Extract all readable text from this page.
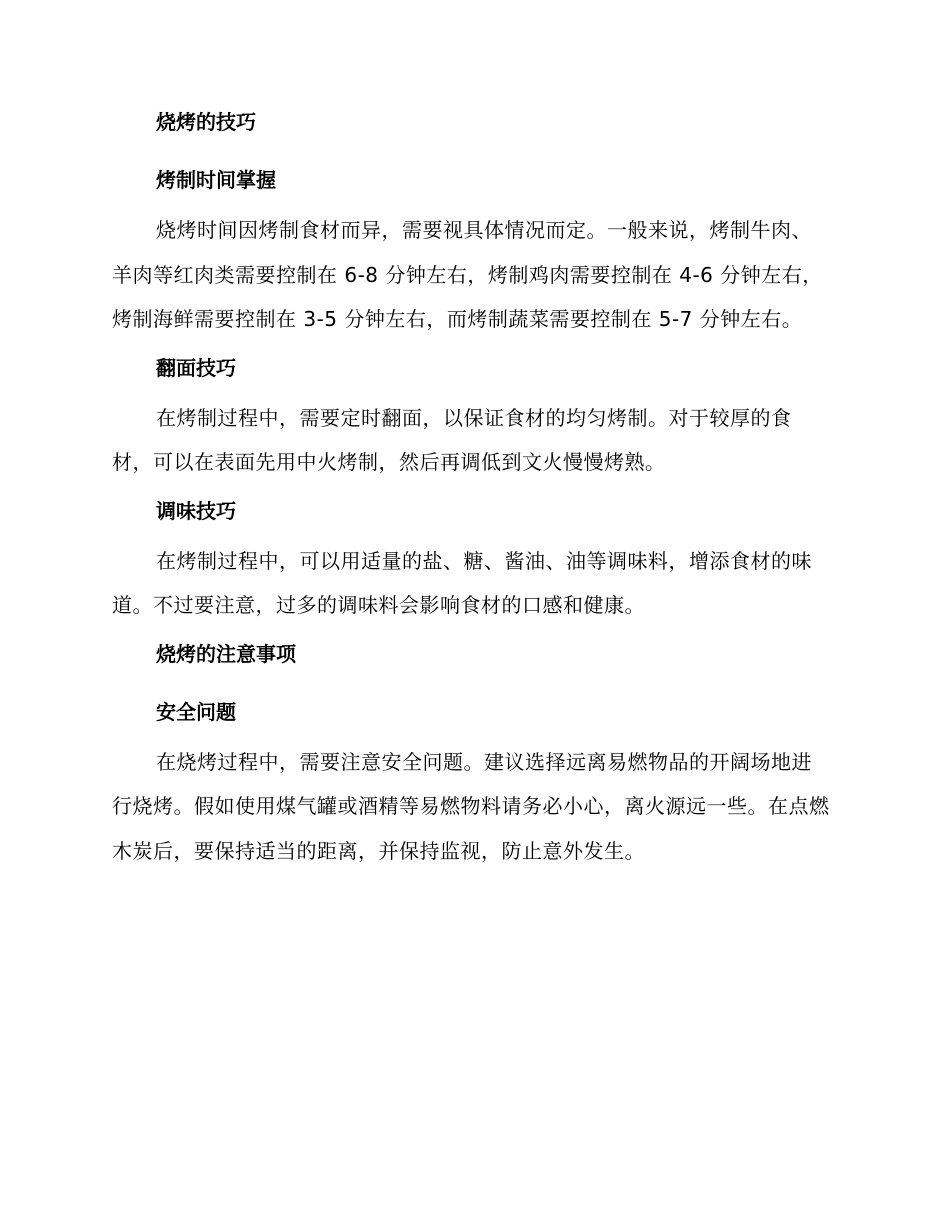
烧烤的技巧

烤制时间掌握

烧烤时间因烤制食材而异，需要视具体情况而定。一般来说，烤制牛肉、羊肉等红肉类需要控制在 6-8 分钟左右，烤制鸡肉需要控制在 4-6 分钟左右，烤制海鲜需要控制在 3-5 分钟左右，而烤制蔬菜需要控制在 5-7 分钟左右。

翻面技巧

在烤制过程中，需要定时翻面，以保证食材的均匀烤制。对于较厚的食材，可以在表面先用中火烤制，然后再调低到文火慢慢烤熟。

调味技巧

在烤制过程中，可以用适量的盐、糖、酱油、油等调味料，增添食材的味道。不过要注意，过多的调味料会影响食材的口感和健康。

烧烤的注意事项

安全问题

在烧烤过程中，需要注意安全问题。建议选择远离易燃物品的开阔场地进行烧烤。假如使用煤气罐或酒精等易燃物料请务必小心，离火源远一些。在点燃木炭后，要保持适当的距离，并保持监视，防止意外发生。
